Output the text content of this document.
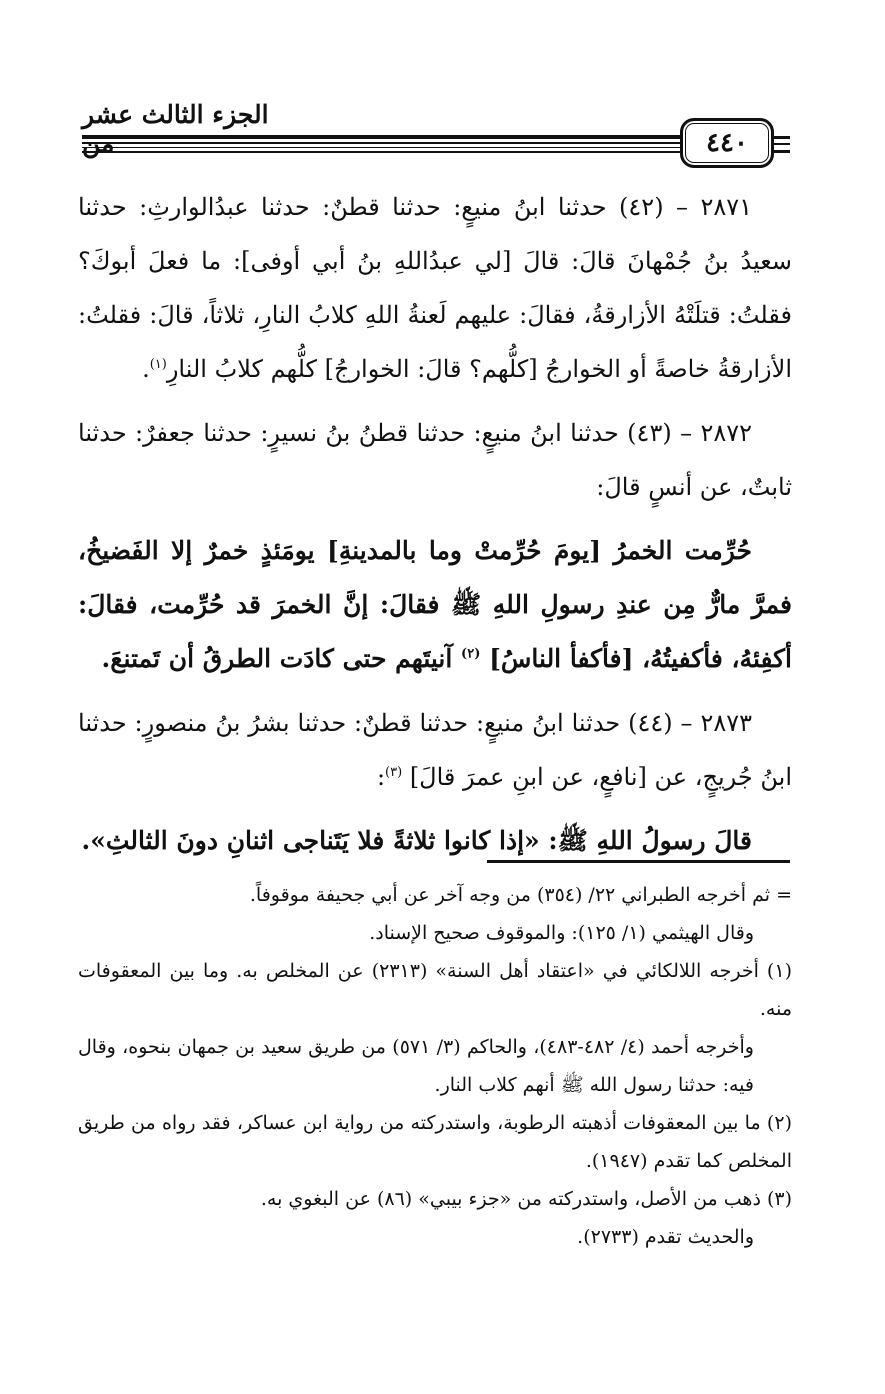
الجزء الثالث عشر
٤٤٠

٢٨٧١ – (٤٢) حدثنا ابنُ منيعٍ: حدثنا قطنٌ: حدثنا عبدُالوارثِ: حدثنا سعيدُ بنُ جُمْهانَ قالَ: قالَ [لي عبدُاللهِ بنُ أبي أوفى]: ما فعلَ أبوكَ؟ فقلتُ: قتلَتْهُ الأزارقةُ، فقالَ: عليهم لَعنةُ اللهِ كلابُ النارِ، ثلاثاً، قالَ: فقلتُ: الأزارقةُ خاصةً أو الخوارجُ [كلُّهم؟ قالَ: الخوارجُ] كلُّهم كلابُ النارِ$^{(١)}$.

٢٨٧٢ – (٤٣) حدثنا ابنُ منيعٍ: حدثنا قطنُ بنُ نسيرٍ: حدثنا جعفرٌ: حدثنا ثابتٌ، عن أنسٍ قالَ:

حُرِّمت الخمرُ [يومَ حُرِّمتْ وما بالمدينةِ] يومَئذٍ خمرٌ إلا الفَضيخُ، فمرَّ مارٌّ مِن عندِ رسولِ اللهِ ﷺ فقالَ: إنَّ الخمرَ قد حُرِّمت، فقالَ: أكفِئهُ، فأكفيتُهُ، [فأكفأ الناسُ] $^{(٢)}$ آنيتَهم حتى كادَت الطرقُ أن تَمتنعَ.

٢٨٧٣ – (٤٤) حدثنا ابنُ منيعٍ: حدثنا قطنٌ: حدثنا بشرُ بنُ منصورٍ: حدثنا ابنُ جُريجٍ، عن [نافعٍ، عن ابنِ عمرَ قالَ] $^{(٣)}$:

قالَ رسولُ اللهِ ﷺ: «إذا كانوا ثلاثةً فلا يَتَناجى اثنانِ دونَ الثالثِ».

= ثم أخرجه الطبراني ٢٢/ (٣٥٤) من وجه آخر عن أبي جحيفة موقوفاً.

وقال الهيثمي (١/ ١٢٥): والموقوف صحيح الإسناد.

(١) أخرجه اللالكائي في «اعتقاد أهل السنة» (٢٣١٣) عن المخلص به. وما بين المعقوفات منه.

وأخرجه أحمد (٤/ ٤٨٢-٤٨٣)، والحاكم (٣/ ٥٧١) من طريق سعيد بن جمهان بنحوه، وقال فيه: حدثنا رسول الله ﷺ أنهم كلاب النار.

(٢) ما بين المعقوفات أذهبته الرطوبة، واستدركته من رواية ابن عساكر، فقد رواه من طريق المخلص كما تقدم (١٩٤٧).

(٣) ذهب من الأصل، واستدركته من «جزء بيبي» (٨٦) عن البغوي به.

والحديث تقدم (٢٧٣٣).
